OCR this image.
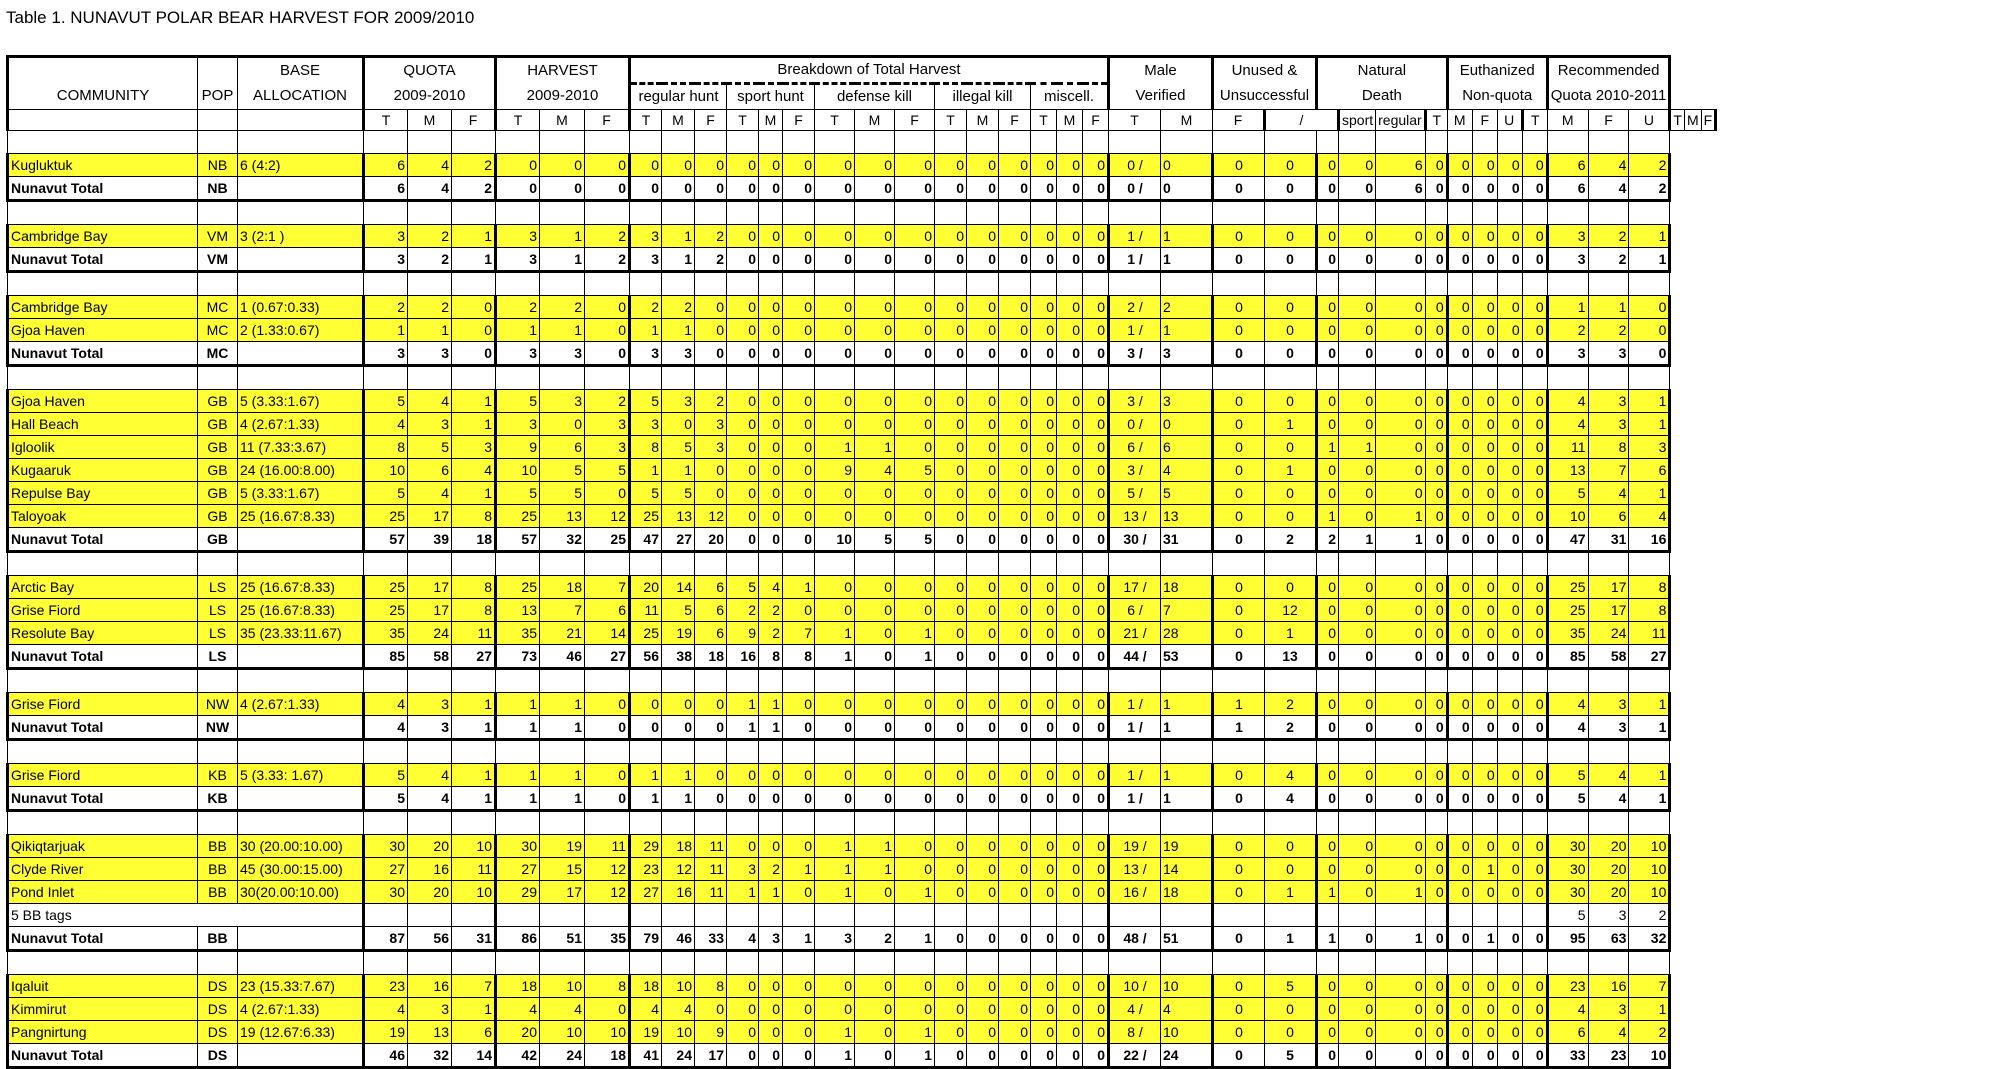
Table 1. NUNAVUT POLAR BEAR HARVEST FOR 2009/2010
		BASE	QUOTA			HARVEST			Breakdown of Total Harvest															Male		Unused &		Natural				Euthanized				Recommended					
COMMUNITY	POP	ALLOCATION	2009-2010			2009-2010			regular hunt			sport hunt			defense kill			illegal kill			miscell.			Verified		Unsuccessful		Death				Non-quota				Quota 2010-2011					
			T	M	F	T	M	F	T	M	F	T	M	F	T	M	F	T	M	F	T	M	F	T	M	F	/		sport	regular	T	M	F	U	T	M	F	U	T	M	F

Kugluktuk	NB	6 (4:2)	6	4	2	0	0	0	0	0	0	0	0	0	0	0	0	0	0	0	0	0	0	0 /	0	0	0	0	0	6	0	0	0	0	0	6	4	2			
Nunavut Total	NB		6	4	2	0	0	0	0	0	0	0	0	0	0	0	0	0	0	0	0	0	0	0 /	0	0	0	0	0	6	0	0	0	0	0	6	4	2			

Cambridge Bay	VM	3 (2:1 )	3	2	1	3	1	2	3	1	2	0	0	0	0	0	0	0	0	0	0	0	0	1 /	1	0	0	0	0	0	0	0	0	0	0	3	2	1			
Nunavut Total	VM		3	2	1	3	1	2	3	1	2	0	0	0	0	0	0	0	0	0	0	0	0	1 /	1	0	0	0	0	0	0	0	0	0	0	3	2	1			

Cambridge Bay	MC	1 (0.67:0.33)	2	2	0	2	2	0	2	2	0	0	0	0	0	0	0	0	0	0	0	0	0	2 /	2	0	0	0	0	0	0	0	0	0	0	1	1	0			
Gjoa Haven	MC	2 (1.33:0.67)	1	1	0	1	1	0	1	1	0	0	0	0	0	0	0	0	0	0	0	0	0	1 /	1	0	0	0	0	0	0	0	0	0	0	2	2	0			
Nunavut Total	MC		3	3	0	3	3	0	3	3	0	0	0	0	0	0	0	0	0	0	0	0	0	3 /	3	0	0	0	0	0	0	0	0	0	0	3	3	0			

Gjoa Haven	GB	5 (3.33:1.67)	5	4	1	5	3	2	5	3	2	0	0	0	0	0	0	0	0	0	0	0	0	3 /	3	0	0	0	0	0	0	0	0	0	0	4	3	1			
Hall Beach	GB	4 (2.67:1.33)	4	3	1	3	0	3	3	0	3	0	0	0	0	0	0	0	0	0	0	0	0	0 /	0	0	1	0	0	0	0	0	0	0	0	4	3	1			
Igloolik	GB	11 (7.33:3.67)	8	5	3	9	6	3	8	5	3	0	0	0	1	1	0	0	0	0	0	0	0	6 /	6	0	0	1	1	0	0	0	0	0	0	11	8	3			
Kugaaruk	GB	24 (16.00:8.00)	10	6	4	10	5	5	1	1	0	0	0	0	9	4	5	0	0	0	0	0	0	3 /	4	0	1	0	0	0	0	0	0	0	0	13	7	6			
Repulse Bay	GB	5 (3.33:1.67)	5	4	1	5	5	0	5	5	0	0	0	0	0	0	0	0	0	0	0	0	0	5 /	5	0	0	0	0	0	0	0	0	0	0	5	4	1			
Taloyoak	GB	25 (16.67:8.33)	25	17	8	25	13	12	25	13	12	0	0	0	0	0	0	0	0	0	0	0	0	13 /	13	0	0	1	0	1	0	0	0	0	0	10	6	4			
Nunavut Total	GB		57	39	18	57	32	25	47	27	20	0	0	0	10	5	5	0	0	0	0	0	0	30 /	31	0	2	2	1	1	0	0	0	0	0	47	31	16			

Arctic Bay	LS	25 (16.67:8.33)	25	17	8	25	18	7	20	14	6	5	4	1	0	0	0	0	0	0	0	0	0	17 /	18	0	0	0	0	0	0	0	0	0	0	25	17	8			
Grise Fiord	LS	25 (16.67:8.33)	25	17	8	13	7	6	11	5	6	2	2	0	0	0	0	0	0	0	0	0	0	6 /	7	0	12	0	0	0	0	0	0	0	0	25	17	8			
Resolute Bay	LS	35 (23.33:11.67)	35	24	11	35	21	14	25	19	6	9	2	7	1	0	1	0	0	0	0	0	0	21 /	28	0	1	0	0	0	0	0	0	0	0	35	24	11			
Nunavut Total	LS		85	58	27	73	46	27	56	38	18	16	8	8	1	0	1	0	0	0	0	0	0	44 /	53	0	13	0	0	0	0	0	0	0	0	85	58	27			

Grise Fiord	NW	4 (2.67:1.33)	4	3	1	1	1	0	0	0	0	1	1	0	0	0	0	0	0	0	0	0	0	1 /	1	1	2	0	0	0	0	0	0	0	0	4	3	1			
Nunavut Total	NW		4	3	1	1	1	0	0	0	0	1	1	0	0	0	0	0	0	0	0	0	0	1 /	1	1	2	0	0	0	0	0	0	0	0	4	3	1			

Grise Fiord	KB	5 (3.33: 1.67)	5	4	1	1	1	0	1	1	0	0	0	0	0	0	0	0	0	0	0	0	0	1 /	1	0	4	0	0	0	0	0	0	0	0	5	4	1			
Nunavut Total	KB		5	4	1	1	1	0	1	1	0	0	0	0	0	0	0	0	0	0	0	0	0	1 /	1	0	4	0	0	0	0	0	0	0	0	5	4	1			

Qikiqtarjuak	BB	30 (20.00:10.00)	30	20	10	30	19	11	29	18	11	0	0	0	1	1	0	0	0	0	0	0	0	19 /	19	0	0	0	0	0	0	0	0	0	0	30	20	10			
Clyde River	BB	45 (30.00:15.00)	27	16	11	27	15	12	23	12	11	3	2	1	1	1	0	0	0	0	0	0	0	13 /	14	0	0	0	0	0	0	0	1	0	0	30	20	10			
Pond Inlet	BB	30(20.00:10.00)	30	20	10	29	17	12	27	16	11	1	1	0	1	0	1	0	0	0	0	0	0	16 /	18	0	1	1	0	1	0	0	0	0	0	30	20	10			
5 BB tags																																				5	3	2			
Nunavut Total	BB		87	56	31	86	51	35	79	46	33	4	3	1	3	2	1	0	0	0	0	0	0	48 /	51	0	1	1	0	1	0	0	1	0	0	95	63	32			

Iqaluit	DS	23 (15.33:7.67)	23	16	7	18	10	8	18	10	8	0	0	0	0	0	0	0	0	0	0	0	0	10 /	10	0	5	0	0	0	0	0	0	0	0	23	16	7			
Kimmirut	DS	4 (2.67:1.33)	4	3	1	4	4	0	4	4	0	0	0	0	0	0	0	0	0	0	0	0	0	4 /	4	0	0	0	0	0	0	0	0	0	0	4	3	1			
Pangnirtung	DS	19 (12.67:6.33)	19	13	6	20	10	10	19	10	9	0	0	0	1	0	1	0	0	0	0	0	0	8 /	10	0	0	0	0	0	0	0	0	0	0	6	4	2			
Nunavut Total	DS		46	32	14	42	24	18	41	24	17	0	0	0	1	0	1	0	0	0	0	0	0	22 /	24	0	5	0	0	0	0	0	0	0	0	33	23	10			
